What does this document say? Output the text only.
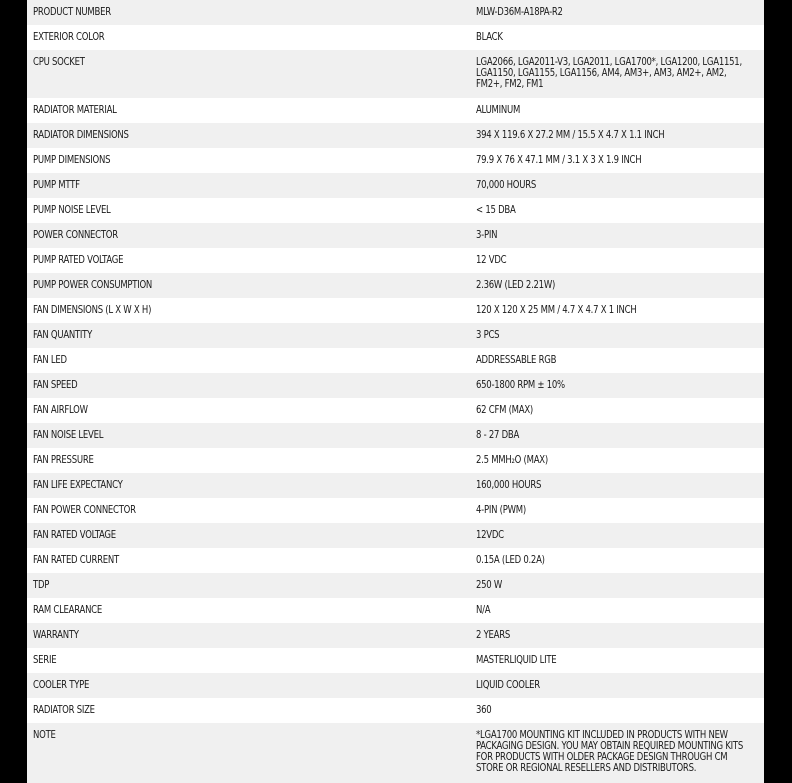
PRODUCT NUMBER	MLW-D36M-A18PA-R2
EXTERIOR COLOR	BLACK
CPU SOCKET	LGA2066, LGA2011-V3, LGA2011, LGA1700*, LGA1200, LGA1151, LGA1150, LGA1155, LGA1156, AM4, AM3+, AM3, AM2+, AM2, FM2+, FM2, FM1
RADIATOR MATERIAL	ALUMINUM
RADIATOR DIMENSIONS	394 X 119.6 X 27.2 MM / 15.5 X 4.7 X 1.1 INCH
PUMP DIMENSIONS	79.9 X 76 X 47.1 MM / 3.1 X 3 X 1.9 INCH
PUMP MTTF	70,000 HOURS
PUMP NOISE LEVEL	< 15 DBA
POWER CONNECTOR	3-PIN
PUMP RATED VOLTAGE	12 VDC
PUMP POWER CONSUMPTION	2.36W (LED 2.21W)
FAN DIMENSIONS (L X W X H)	120 X 120 X 25 MM / 4.7 X 4.7 X 1 INCH
FAN QUANTITY	3 PCS
FAN LED	ADDRESSABLE RGB
FAN SPEED	650-1800 RPM ± 10%
FAN AIRFLOW	62 CFM (MAX)
FAN NOISE LEVEL	8 - 27 DBA
FAN PRESSURE	2.5 MMH₂O (MAX)
FAN LIFE EXPECTANCY	160,000 HOURS
FAN POWER CONNECTOR	4-PIN (PWM)
FAN RATED VOLTAGE	12VDC
FAN RATED CURRENT	0.15A (LED 0.2A)
TDP	250 W
RAM CLEARANCE	N/A
WARRANTY	2 YEARS
SERIE	MASTERLIQUID LITE
COOLER TYPE	LIQUID COOLER
RADIATOR SIZE	360
NOTE	*LGA1700 MOUNTING KIT INCLUDED IN PRODUCTS WITH NEW PACKAGING DESIGN. YOU MAY OBTAIN REQUIRED MOUNTING KITS FOR PRODUCTS WITH OLDER PACKAGE DESIGN THROUGH CM STORE OR REGIONAL RESELLERS AND DISTRIBUTORS.
